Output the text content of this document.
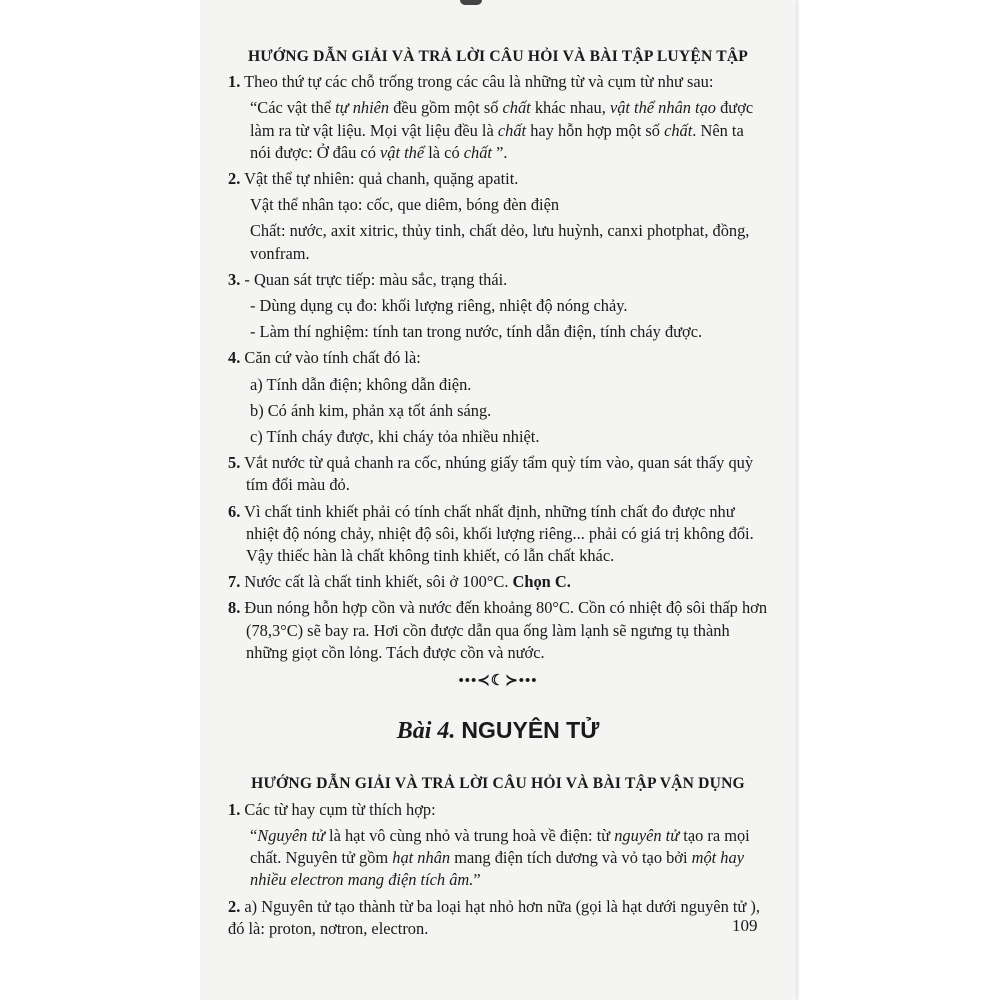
HƯỚNG DẪN GIẢI VÀ TRẢ LỜI CÂU HỎI VÀ BÀI TẬP LUYỆN TẬP

1. Theo thứ tự các chỗ trống trong các câu là những từ và cụm từ như sau:

“Các vật thể tự nhiên đều gồm một số chất khác nhau, vật thể nhân tạo được làm ra từ vật liệu. Mọi vật liệu đều là chất hay hỗn hợp một số chất. Nên ta nói được: Ở đâu có vật thể là có chất ”.

2. Vật thể tự nhiên: quả chanh, quặng apatit.

Vật thể nhân tạo: cốc, que diêm, bóng đèn điện

Chất: nước, axit xitric, thủy tinh, chất dẻo, lưu huỳnh, canxi photphat, đồng, vonfram.

3. - Quan sát trực tiếp: màu sắc, trạng thái.

- Dùng dụng cụ đo: khối lượng riêng, nhiệt độ nóng chảy.

- Làm thí nghiệm: tính tan trong nước, tính dẫn điện, tính cháy được.

4. Căn cứ vào tính chất đó là:

a) Tính dẫn điện; không dẫn điện.

b) Có ánh kim, phản xạ tốt ánh sáng.

c) Tính cháy được, khi cháy tỏa nhiều nhiệt.

5. Vắt nước từ quả chanh ra cốc, nhúng giấy tẩm quỳ tím vào, quan sát thấy quỳ tím đổi màu đỏ.

6. Vì chất tinh khiết phải có tính chất nhất định, những tính chất đo được như nhiệt độ nóng chảy, nhiệt độ sôi, khối lượng riêng... phải có giá trị không đổi. Vậy thiếc hàn là chất không tinh khiết, có lẫn chất khác.

7. Nước cất là chất tinh khiết, sôi ở 100°C. Chọn C.

8. Đun nóng hỗn hợp cồn và nước đến khoảng 80°C. Cồn có nhiệt độ sôi thấp hơn (78,3°C) sẽ bay ra. Hơi cồn được dẫn qua ống làm lạnh sẽ ngưng tụ thành những giọt cồn lỏng. Tách được cồn và nước.

•••≺☾≻•••
Bài 4. NGUYÊN TỬ
HƯỚNG DẪN GIẢI VÀ TRẢ LỜI CÂU HỎI VÀ BÀI TẬP VẬN DỤNG

1. Các từ hay cụm từ thích hợp:

“Nguyên tử là hạt vô cùng nhỏ và trung hoà về điện: từ nguyên tử tạo ra mọi chất. Nguyên tử gồm hạt nhân mang điện tích dương và vỏ tạo bởi một hay nhiều electron mang điện tích âm.”

2. a) Nguyên tử tạo thành từ ba loại hạt nhỏ hơn nữa (gọi là hạt dưới nguyên tử ), đó là: proton, nơtron, electron.	109
